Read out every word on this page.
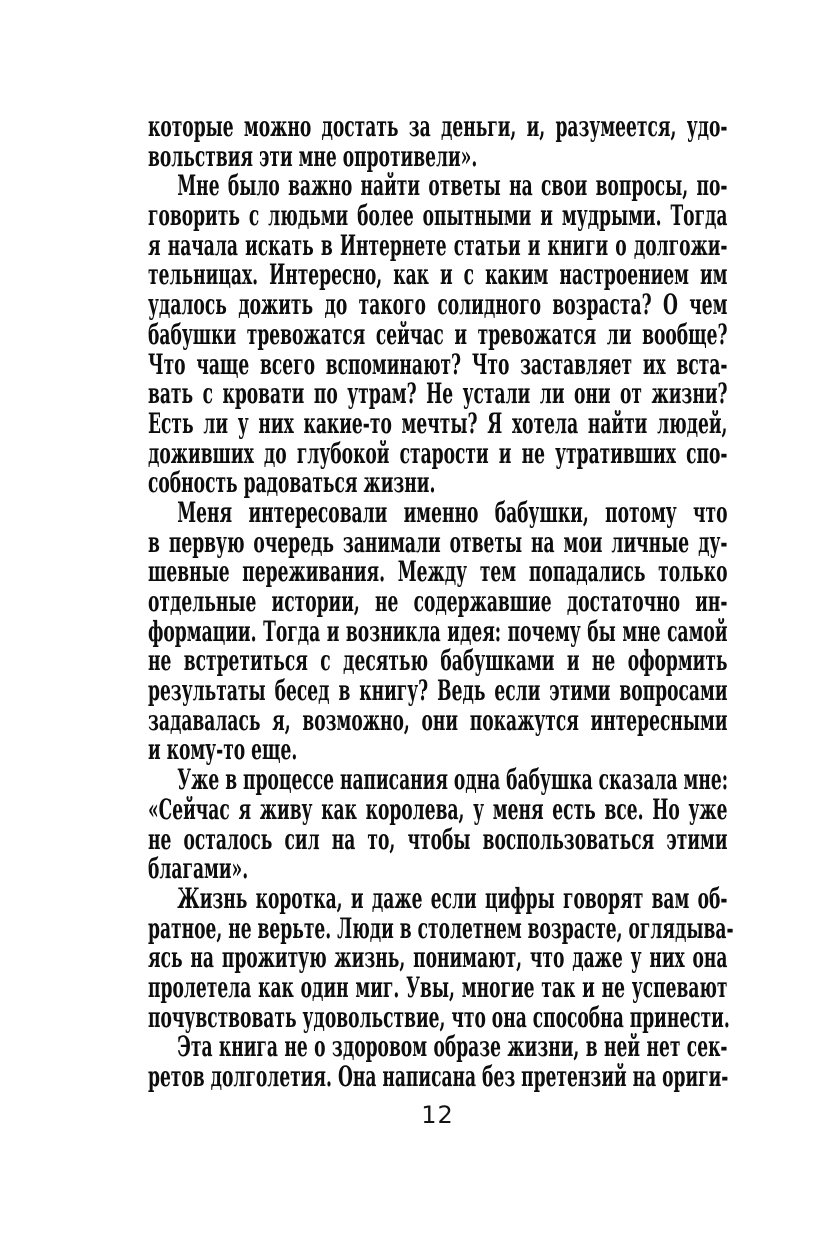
которые можно достать за деньги, и, разумеется, удо-
вольствия эти мне опротивели».
Мне было важно найти ответы на свои вопросы, по-
говорить с людьми более опытными и мудрыми. Тогда
я начала искать в Интернете статьи и книги о долгожи-
тельницах. Интересно, как и с каким настроением им
удалось дожить до такого солидного возраста? О чем
бабушки тревожатся сейчас и тревожатся ли вообще?
Что чаще всего вспоминают? Что заставляет их вста-
вать с кровати по утрам? Не устали ли они от жизни?
Есть ли у них какие-то мечты? Я хотела найти людей,
доживших до глубокой старости и не утративших спо-
собность радоваться жизни.
Меня интересовали именно бабушки, потому что
в первую очередь занимали ответы на мои личные ду-
шевные переживания. Между тем попадались только
отдельные истории, не содержавшие достаточно ин-
формации. Тогда и возникла идея: почему бы мне самой
не встретиться с десятью бабушками и не оформить
результаты бесед в книгу? Ведь если этими вопросами
задавалась я, возможно, они покажутся интересными
и кому-то еще.
Уже в процессе написания одна бабушка сказала мне:
«Сейчас я живу как королева, у меня есть все. Но уже
не осталось сил на то, чтобы воспользоваться этими
благами».
Жизнь коротка, и даже если цифры говорят вам об-
ратное, не верьте. Люди в столетнем возрасте, оглядыва-
ясь на прожитую жизнь, понимают, что даже у них она
пролетела как один миг. Увы, многие так и не успевают
почувствовать удовольствие, что она способна принести.
Эта книга не о здоровом образе жизни, в ней нет сек-
ретов долголетия. Она написана без претензий на ориги-
12
